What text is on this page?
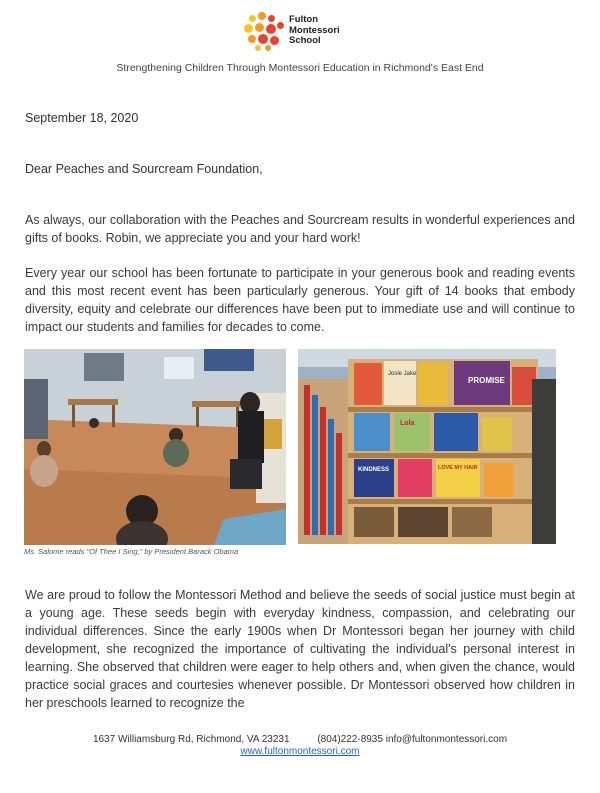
Fulton
Montessori
School
Strengthening Children Through Montessori Education in Richmond's East End
September 18, 2020
Dear Peaches and Sourcream Foundation,

As always, our collaboration with the Peaches and Sourcream results in wonderful experiences and gifts of books. Robin, we appreciate you and your hard work!

Every year our school has been fortunate to participate in your generous book and reading events and this most recent event has been particularly generous. Your gift of 14 books that embody diversity, equity and celebrate our differences have been put to immediate use and will continue to impact our students and families for decades to come.

Josie Jake
PROMISE
Lola
KINDNESS	LOVE MY HAIR
Ms. Salome reads "Of Thee I Sing," by President Barack Obama

We are proud to follow the Montessori Method and believe the seeds of social justice must begin at a young age. These seeds begin with everyday kindness, compassion, and celebrating our individual differences. Since the early 1900s when Dr Montessori began her journey with child development, she recognized the importance of cultivating the individual's personal interest in learning. She observed that children were eager to help others and, when given the chance, would practice social graces and courtesies whenever possible. Dr Montessori observed how children in her preschools learned to recognize the

1637 Williamsburg Rd, Richmond, VA 23231	(804)222-8935 info@fultonmontessori.com
www.fultonmontessori.com
